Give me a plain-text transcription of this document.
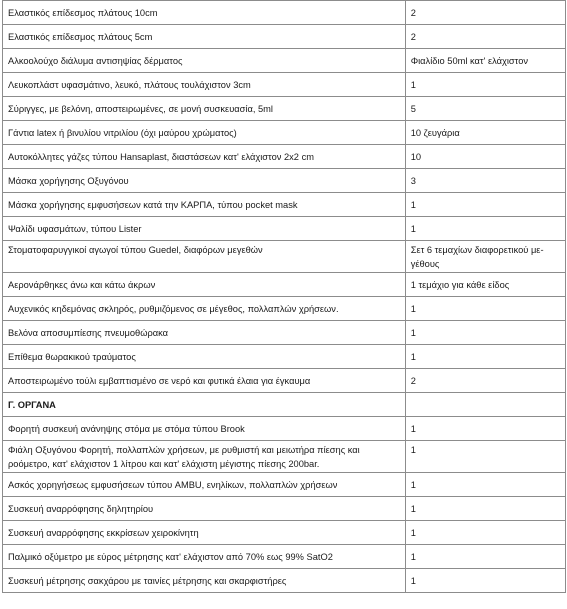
Ελαστικός επίδεσμος πλάτους 10cm	2
Ελαστικός επίδεσμος πλάτους 5cm	2
Αλκοολούχο διάλυμα αντισηψίας δέρματος	Φιαλίδιο 50ml κατ' ελάχιστον
Λευκοπλάστ υφασμάτινο, λευκό, πλάτους τουλάχιστον 3cm	1
Σύριγγες, με βελόνη, αποστειρωμένες, σε μονή συσκευασία, 5ml	5
Γάντια latex ή βινυλίου νιτριλίου (όχι μαύρου χρώματος)	10 ζευγάρια
Αυτοκόλλητες γάζες τύπου Hansaplast, διαστάσεων κατ' ελάχιστον 2x2 cm	10
Μάσκα χορήγησης Οξυγόνου	3
Μάσκα χορήγησης εμφυσήσεων κατά την ΚΑΡΠΑ, τύπου pocket mask	1
Ψαλίδι υφασμάτων, τύπου Lister	1
Στοματοφαρυγγικοί αγωγοί τύπου Guedel, διαφόρων μεγεθών	Σετ 6 τεμαχίων διαφορετικού με-
γέθους
Αερονάρθηκες άνω και κάτω άκρων	1 τεμάχιο για κάθε είδος
Αυχενικός κηδεμόνας σκληρός, ρυθμιζόμενος σε μέγεθος, πολλαπλών χρήσεων.	1
Βελόνα αποσυμπίεσης πνευμοθώρακα	1
Επίθεμα θωρακικού τραύματος	1
Αποστειρωμένο τούλι εμβαπτισμένο σε νερό και φυτικά έλαια για έγκαυμα	2
Γ. ΟΡΓΑΝΑ	
Φορητή συσκευή ανάνηψης στόμα με στόμα τύπου Brook	1
Φιάλη Οξυγόνου Φορητή, πολλαπλών χρήσεων, με ρυθμιστή και μειωτήρα πίεσης και
ροόμετρο, κατ' ελάχιστον 1 λίτρου και κατ' ελάχιστη μέγιστης πίεσης 200bar.	1

Ασκός χορηγήσεως εμφυσήσεων τύπου AMBU, ενηλίκων, πολλαπλών χρήσεων	1
Συσκευή αναρρόφησης δηλητηρίου	1
Συσκευή αναρρόφησης εκκρίσεων χειροκίνητη	1
Παλμικό οξύμετρο με εύρος μέτρησης κατ' ελάχιστον από 70% εως 99% SatO2	1
Συσκευή μέτρησης σακχάρου με ταινίες μέτρησης και σκαρφιστήρες	1
